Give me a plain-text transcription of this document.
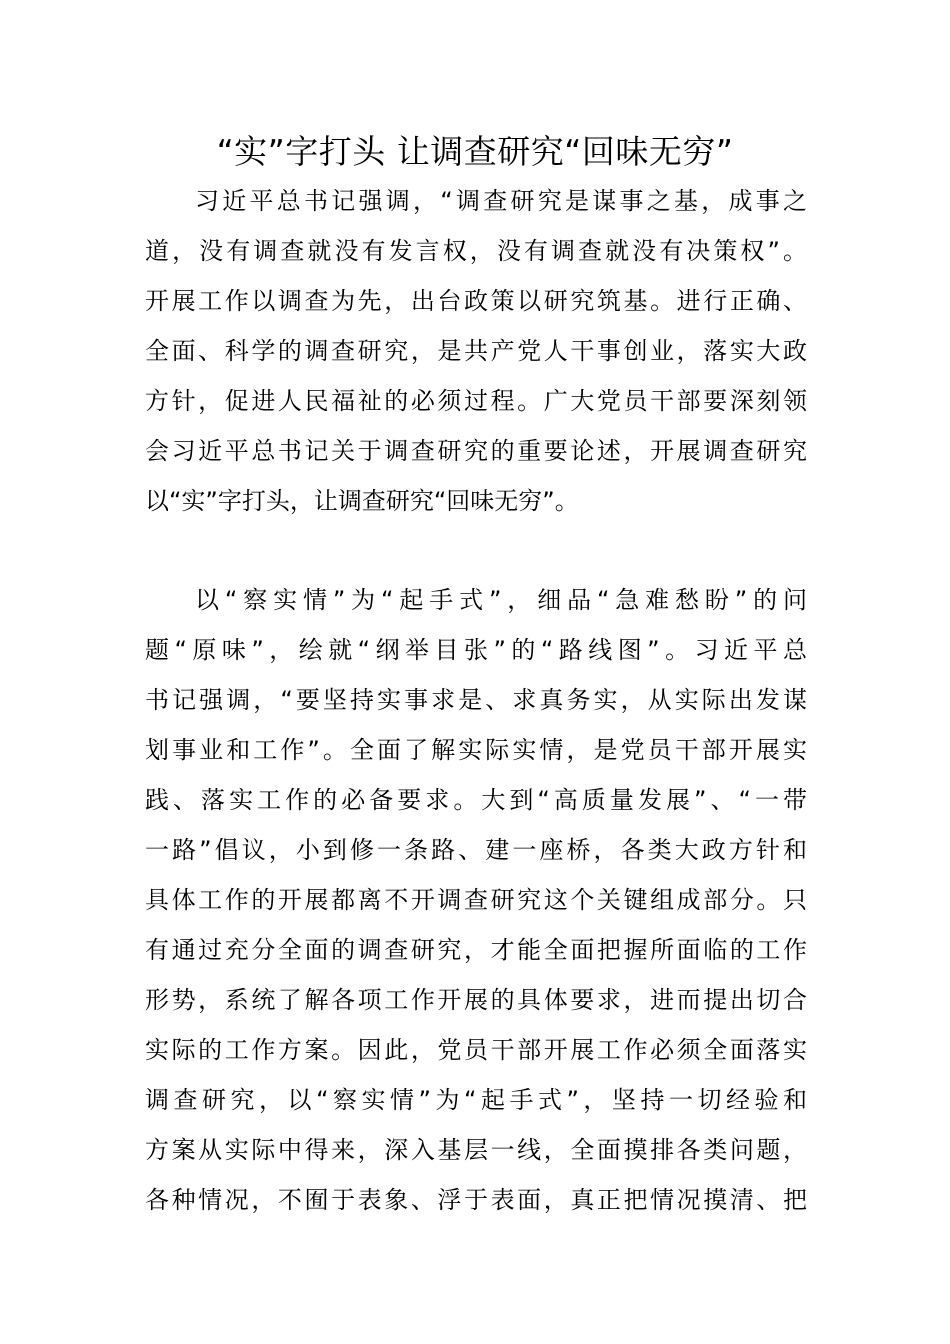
“实”字打头 让调查研究“回味无穷”
习近平总书记强调，“调查研究是谋事之基，成事之
道，没有调查就没有发言权，没有调查就没有决策权”。
开展工作以调查为先，出台政策以研究筑基。进行正确、
全面、科学的调查研究，是共产党人干事创业，落实大政
方针，促进人民福祉的必须过程。广大党员干部要深刻领
会习近平总书记关于调查研究的重要论述，开展调查研究
以“实”字打头，让调查研究“回味无穷”。
以“察实情”为“起手式”，细品“急难愁盼”的问
题“原味”，绘就“纲举目张”的“路线图”。习近平总
书记强调，“要坚持实事求是、求真务实，从实际出发谋
划事业和工作”。全面了解实际实情，是党员干部开展实
践、落实工作的必备要求。大到“高质量发展”、“一带
一路”倡议，小到修一条路、建一座桥，各类大政方针和
具体工作的开展都离不开调查研究这个关键组成部分。只
有通过充分全面的调查研究，才能全面把握所面临的工作
形势，系统了解各项工作开展的具体要求，进而提出切合
实际的工作方案。因此，党员干部开展工作必须全面落实
调查研究，以“察实情”为“起手式”，坚持一切经验和
方案从实际中得来，深入基层一线，全面摸排各类问题，
各种情况，不囿于表象、浮于表面，真正把情况摸清、把
